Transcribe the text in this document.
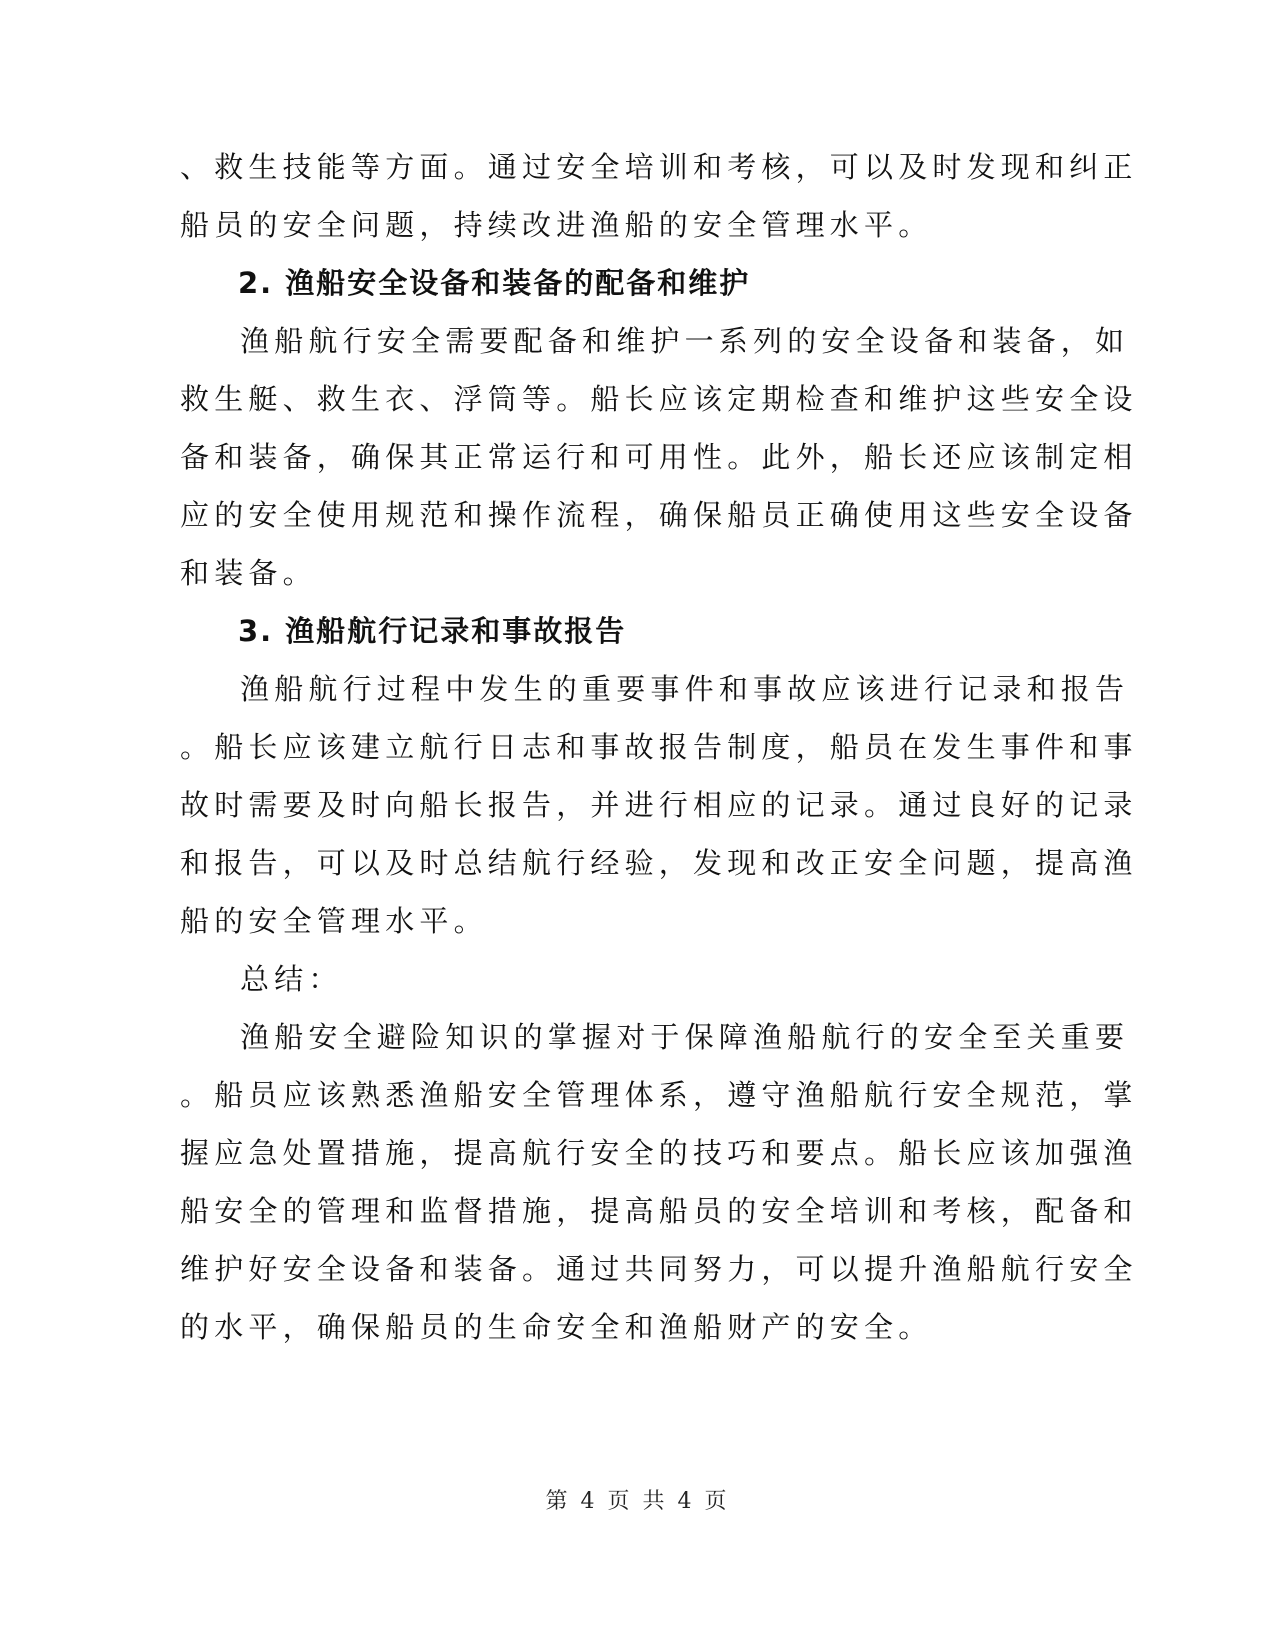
、救生技能等方面。通过安全培训和考核，可以及时发现和纠正
船员的安全问题，持续改进渔船的安全管理水平。
2. 渔船安全设备和装备的配备和维护
渔船航行安全需要配备和维护一系列的安全设备和装备，如
救生艇、救生衣、浮筒等。船长应该定期检查和维护这些安全设
备和装备，确保其正常运行和可用性。此外，船长还应该制定相
应的安全使用规范和操作流程，确保船员正确使用这些安全设备
和装备。
3. 渔船航行记录和事故报告
渔船航行过程中发生的重要事件和事故应该进行记录和报告
。船长应该建立航行日志和事故报告制度，船员在发生事件和事
故时需要及时向船长报告，并进行相应的记录。通过良好的记录
和报告，可以及时总结航行经验，发现和改正安全问题，提高渔
船的安全管理水平。
总结：
渔船安全避险知识的掌握对于保障渔船航行的安全至关重要
。船员应该熟悉渔船安全管理体系，遵守渔船航行安全规范，掌
握应急处置措施，提高航行安全的技巧和要点。船长应该加强渔
船安全的管理和监督措施，提高船员的安全培训和考核，配备和
维护好安全设备和装备。通过共同努力，可以提升渔船航行安全
的水平，确保船员的生命安全和渔船财产的安全。
第 4 页 共 4 页
